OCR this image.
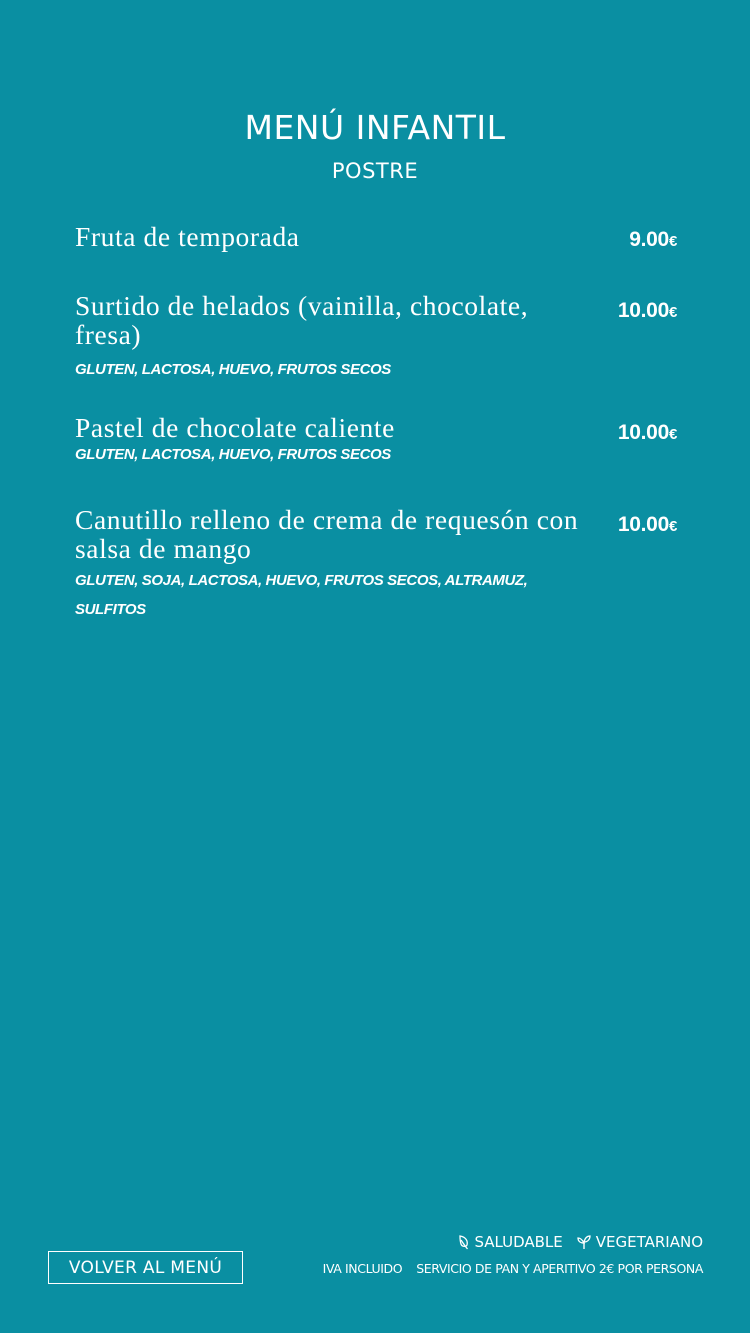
MENÚ INFANTIL
POSTRE
Fruta de temporada	9.00€
Surtido de helados (vainilla, chocolate, fresa)
10.00€
GLUTEN, LACTOSA, HUEVO, FRUTOS SECOS
Pastel de chocolate caliente	10.00€
GLUTEN, LACTOSA, HUEVO, FRUTOS SECOS
Canutillo relleno de crema de requesón con salsa de mango
10.00€
GLUTEN, SOJA, LACTOSA, HUEVO, FRUTOS SECOS, ALTRAMUZ, SULFITOS
VOLVER AL MENÚ
SALUDABLE VEGETARIANO
IVA INCLUIDO SERVICIO DE PAN Y APERITIVO 2€ POR PERSONA
